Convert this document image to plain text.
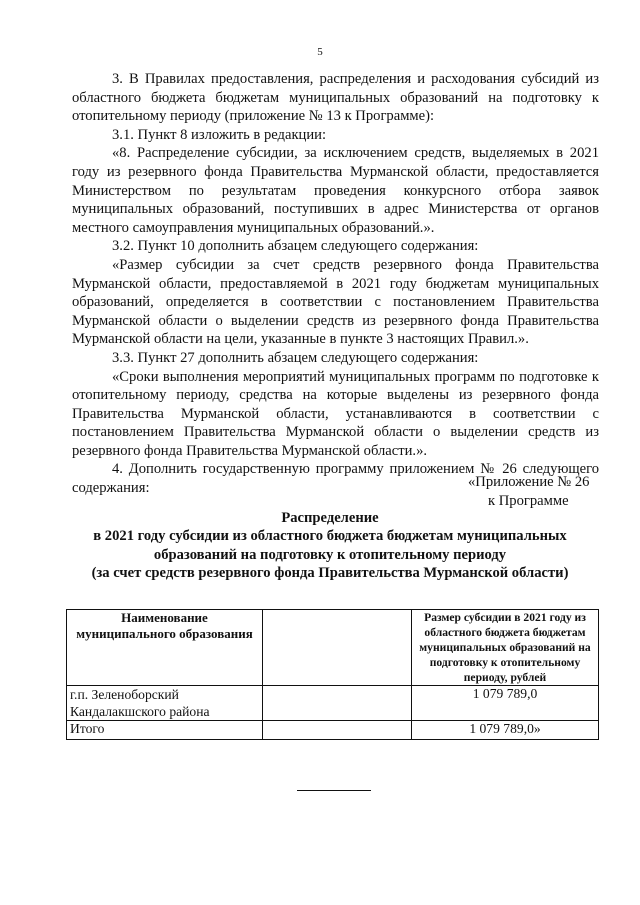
5

3. В Правилах предоставления, распределения и расходования субсидий из областного бюджета бюджетам муниципальных образований на подготовку к отопительному периоду (приложение № 13 к Программе):

3.1. Пункт 8 изложить в редакции:

«8. Распределение субсидии, за исключением средств, выделяемых в 2021 году из резервного фонда Правительства Мурманской области, предоставляется Министерством по результатам проведения конкурсного отбора заявок муниципальных образований, поступивших в адрес Министерства от органов местного самоуправления муниципальных образований.».

3.2. Пункт 10 дополнить абзацем следующего содержания:

«Размер субсидии за счет средств резервного фонда Правительства Мурманской области, предоставляемой в 2021 году бюджетам муниципальных образований, определяется в соответствии с постановлением Правительства Мурманской области о выделении средств из резервного фонда Правительства Мурманской области на цели, указанные в пункте 3 настоящих Правил.».

3.3. Пункт 27 дополнить абзацем следующего содержания:

«Сроки выполнения мероприятий муниципальных программ по подготовке к отопительному периоду, средства на которые выделены из резервного фонда Правительства Мурманской области, устанавливаются в соответствии с постановлением Правительства Мурманской области о выделении средств из резервного фонда Правительства Мурманской области.».

4. Дополнить государственную программу приложением № 26 следующего содержания:	«Приложение № 26
к Программе
Распределение
в 2021 году субсидии из областного бюджета бюджетам муниципальных
образований на подготовку к отопительному периоду
(за счет средств резервного фонда Правительства Мурманской области)
Наименование муниципального образования		Размер субсидии в 2021 году из областного бюджета бюджетам муниципальных образований на подготовку к отопительному периоду, рублей
г.п. Зеленоборский Кандалакшского района		1 079 789,0
Итого		1 079 789,0»
